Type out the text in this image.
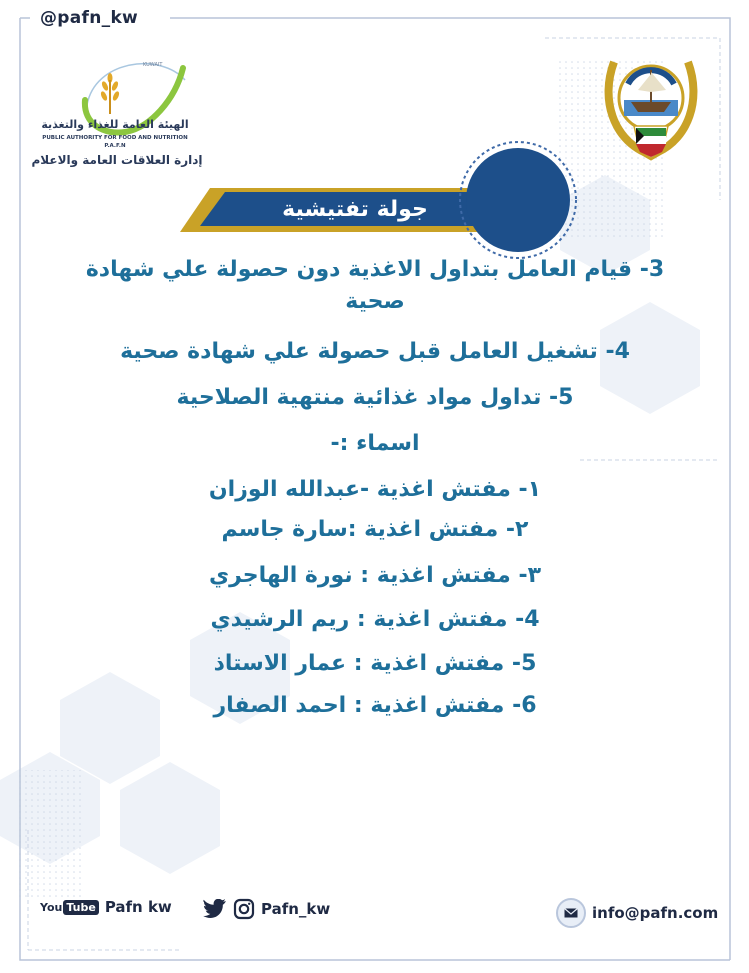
@pafn_kw
KUWAIT
الهيئة العامة للغذاء والتغذية
PUBLIC AUTHORITY FOR FOOD AND NUTRITION
P.A.F.N
إدارة العلاقات العامة والاعلام
جولة تفتيشية

3- قيام العامل بتداول الاغذية دون حصولة علي شهادة

صحية

4- تشغيل العامل قبل حصولة علي شهادة صحية

5- تداول مواد غذائية منتهية الصلاحية

اسماء :-

١- مفتش اغذية -عبدالله الوزان

٢- مفتش اغذية :سارة جاسم

٣- مفتش اغذية : نورة الهاجري

4- مفتش اغذية : ريم الرشيدي

5- مفتش اغذية : عمار الاستاذ

6- مفتش اغذية : احمد الصفار

You Tube Pafn kw	Pafn_kw	info@pafn.com
